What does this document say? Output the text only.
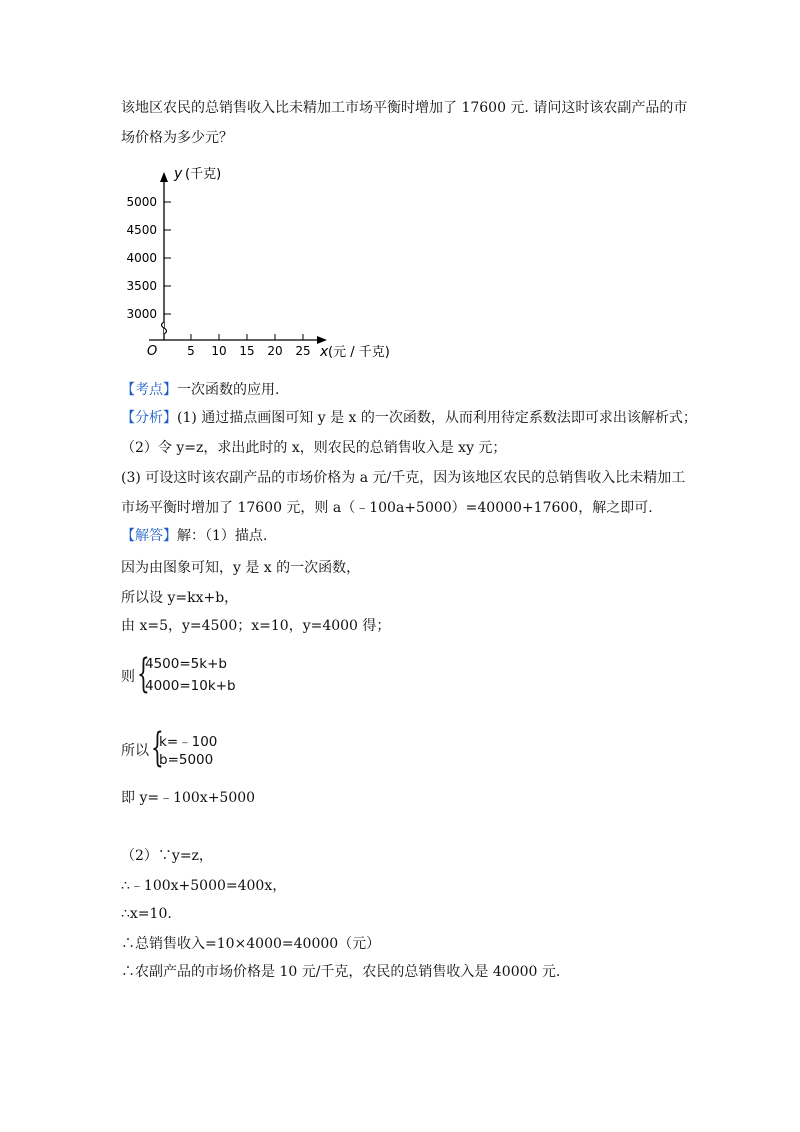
该地区农民的总销售收入比未精加工市场平衡时增加了 17600 元. 请问这时该农副产品的市
场价格为多少元？
y (千克)
5000
4500
4000
3500
3000
O 5 10 15 20 25 x (元 / 千克)
【考点】一次函数的应用.
【分析】(1) 通过描点画图可知 y 是 x 的一次函数，从而利用待定系数法即可求出该解析式；
（2）令 y=z，求出此时的 x，则农民的总销售收入是 xy 元；
(3) 可设这时该农副产品的市场价格为 a 元/千克，因为该地区农民的总销售收入比未精加工
市场平衡时增加了 17600 元，则 a（﹣100a+5000）=40000+17600，解之即可.
【解答】解：（1）描点.
因为由图象可知，y 是 x 的一次函数，
所以设 y=kx+b，
由 x=5，y=4500；x=10，y=4000 得；
则 {
4500=5k+b
4000=10k+b
所以 {
k=﹣100
b=5000
即 y=﹣100x+5000
（2）∵y=z，
∴﹣100x+5000=400x，
∴x=10.
∴总销售收入=10×4000=40000（元）
∴农副产品的市场价格是 10 元/千克，农民的总销售收入是 40000 元.
